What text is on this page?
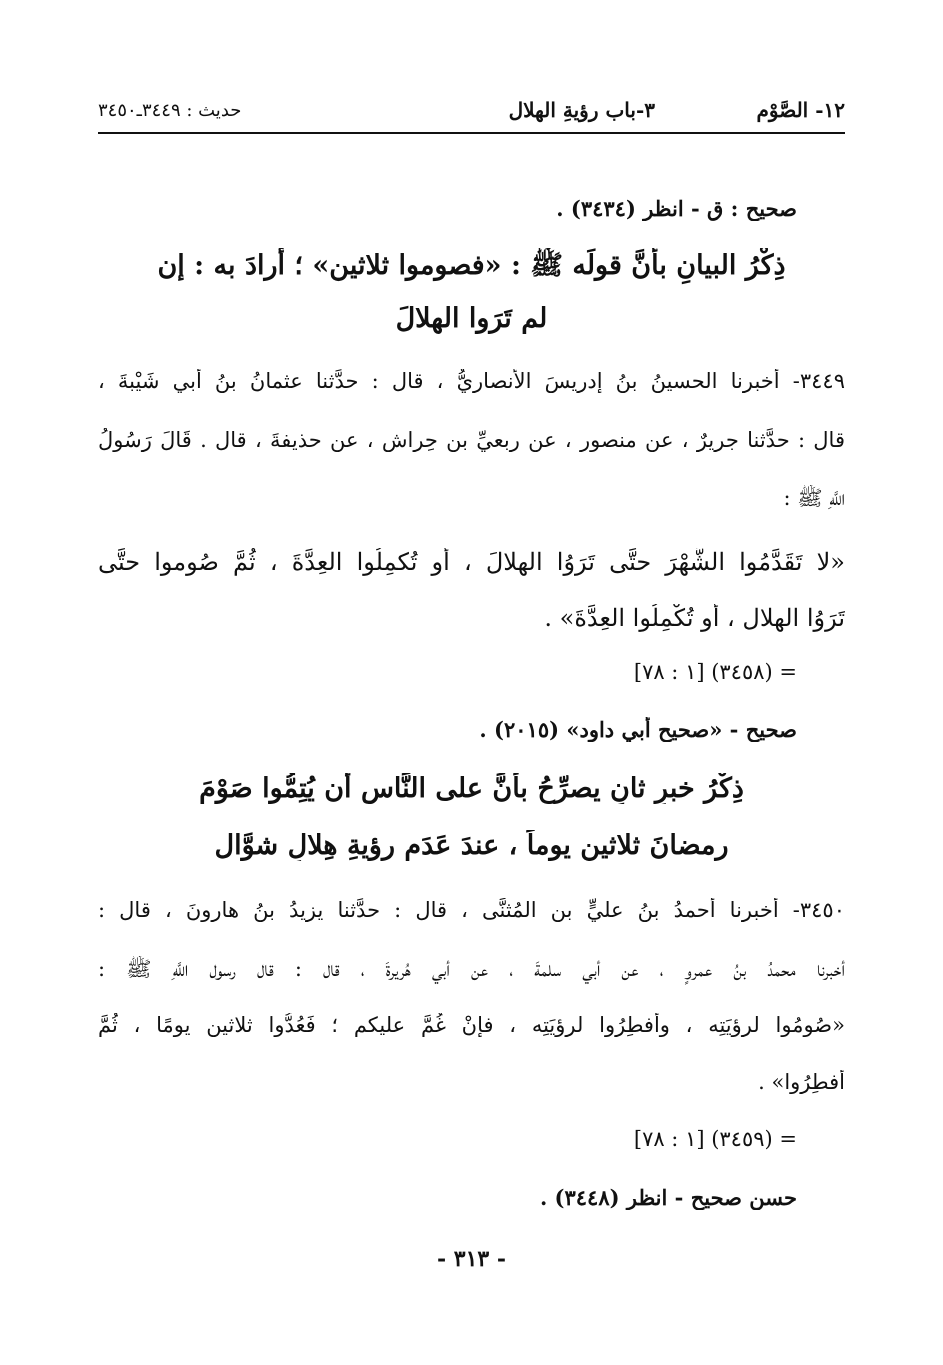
١٢- الصَّوْم
٣-باب رؤيةِ الهلال
حديث : ٣٤٤٩ـ٣٤٥٠
صحيح : ق - انظر (٣٤٣٤) .
ذِكْرُ البيانِ بأنَّ قولَه ﷺ : «فصوموا ثلاثين» ؛ أرادَ به : إن
لم تَرَوا الهِلالَ
٣٤٤٩- أخبرنا الحسينُ بنُ إدريسَ الأنصاريُّ ، قال : حدَّثنا عثمانُ بنُ أبي شَيْبةَ ،
قال : حدَّثنا جريرٌ ، عن منصورٍ ، عن ربعيِّ بنِ حِراشٍ ، عن حذيفةَ ، قال . قَالَ رَسُولُ
اللَّهِ ﷺ :
«لا تَقَدَّمُوا الشَّهْرَ حتَّى تَرَوُا الهلالَ ، أو تُكمِلُوا العِدَّةَ ، ثُمَّ صُوموا حتَّى
تَرَوُا الهلال ، أو تُكْمِلُوا العِدَّةَ» .
= (٣٤٥٨) [١ : ٧٨]
صحيح - «صحيح أبي داود» (٢٠١٥) .
ذِكْرُ خبرٍ ثانٍ يصرِّحُ بأنَّ على النَّاسِ أن يُتِمُّوا صَوْمَ
رمضانَ ثلاثين يوماً ، عندَ عَدَمِ رؤيةِ هِلالِ شوَّال
٣٤٥٠- أخبرنا أحمدُ بنُ عليٍّ بنِ المُثنَّى ، قال : حدَّثنا يزيدُ بنُ هارونَ ، قال :
أخبرنا محمدُ بنُ عمروٍ ، عن أبي سلمةَ ، عن أبي هُريرةَ ، قال : قال رسول اللَّهِ ﷺ :
«صُومُوا لرؤيَتِه ، وأَفطِرُوا لرؤيَتِه ، فإنْ غُمَّ عليكم ؛ فَعُدُّوا ثلاثين يومًا ، ثُمَّ
أَفطِرُوا» .
= (٣٤٥٩) [١ : ٧٨]
حسن صحيح - انظر (٣٤٤٨) .
- ٣١٣ -
